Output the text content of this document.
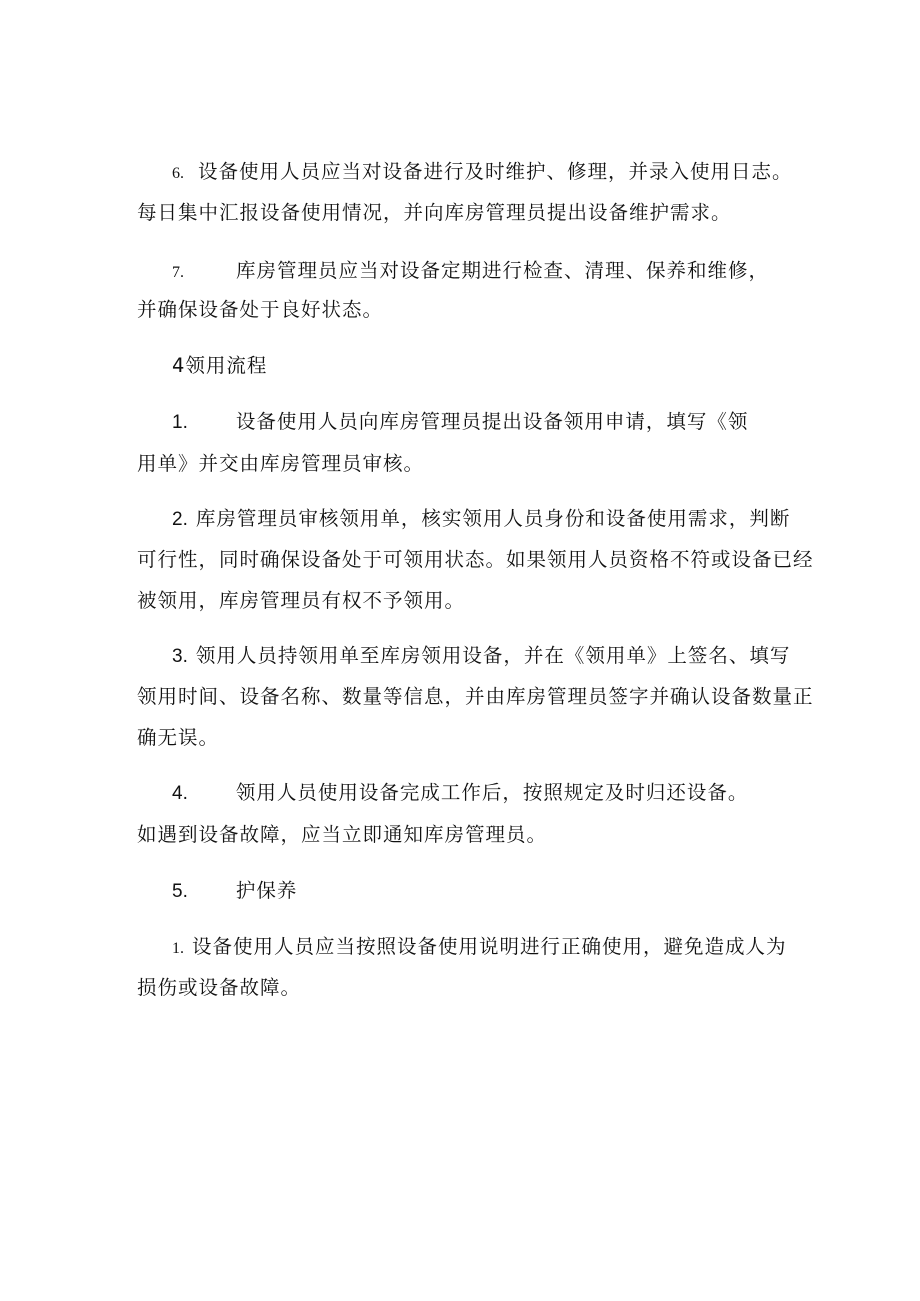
6. 设备使用人员应当对设备进行及时维护、修理，并录入使用日志。
每日集中汇报设备使用情况，并向库房管理员提出设备维护需求。
7.	库房管理员应当对设备定期进行检查、清理、保养和维修，
并确保设备处于良好状态。
4领用流程
1. 设备使用人员向库房管理员提出设备领用申请，填写《领
用单》并交由库房管理员审核。
2. 库房管理员审核领用单，核实领用人员身份和设备使用需求，判断
可行性，同时确保设备处于可领用状态。如果领用人员资格不符或设备已经
被领用，库房管理员有权不予领用。
3. 领用人员持领用单至库房领用设备，并在《领用单》上签名、填写
领用时间、设备名称、数量等信息，并由库房管理员签字并确认设备数量正
确无误。
4. 领用人员使用设备完成工作后，按照规定及时归还设备。
如遇到设备故障，应当立即通知库房管理员。
5. 护保养
1. 设备使用人员应当按照设备使用说明进行正确使用，避免造成人为
损伤或设备故障。
